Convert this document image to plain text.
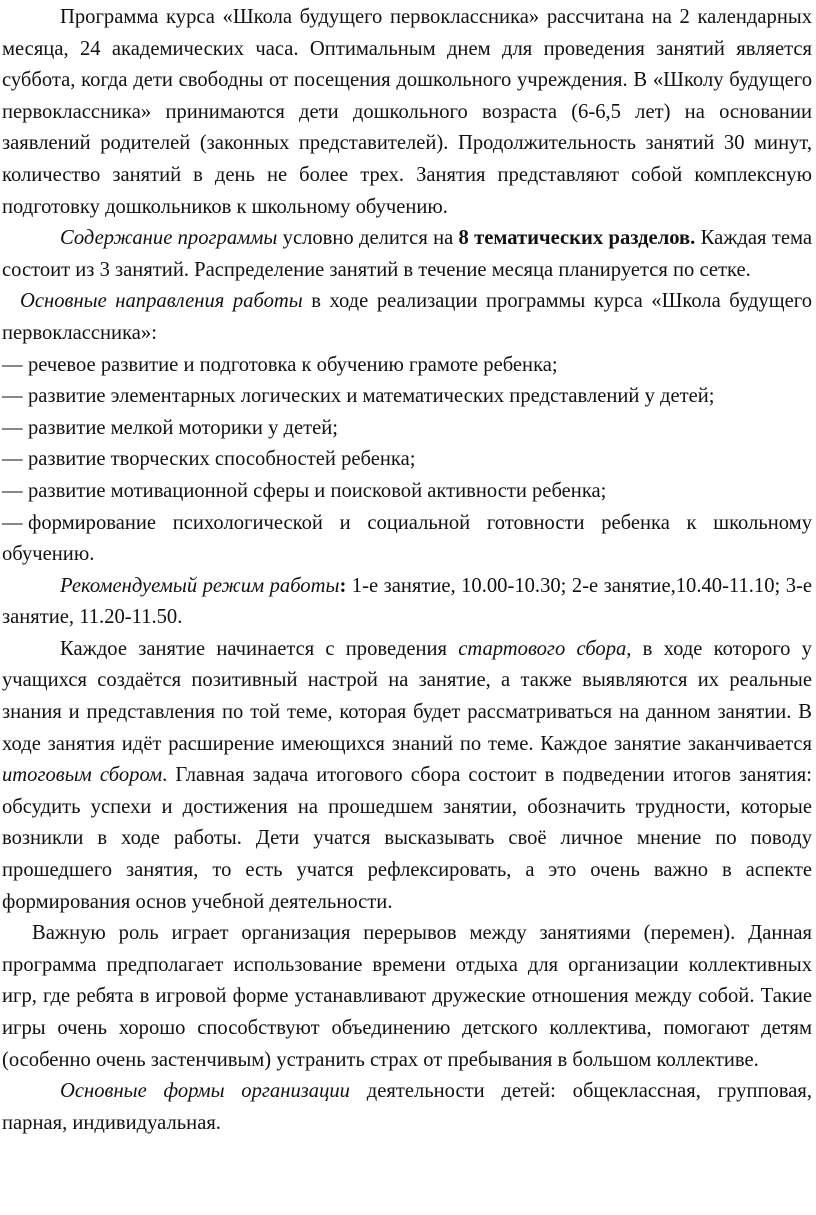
Программа курса «Школа будущего первоклассника» рассчитана на 2 календарных месяца, 24 академических часа. Оптимальным днем для проведения занятий является суббота, когда дети свободны от посещения дошкольного учреждения. В «Школу будущего первоклассника» принимаются дети дошкольного возраста (6-6,5 лет) на основании заявлений родителей (законных представителей). Продолжительность занятий 30 минут, количество занятий в день не более трех. Занятия представляют собой комплексную подготовку дошкольников к школьному обучению.

Содержание программы условно делится на 8 тематических разделов. Каждая тема состоит из 3 занятий. Распределение занятий в течение месяца планируется по сетке.

Основные направления работы в ходе реализации программы курса «Школа будущего первоклассника»:

— речевое развитие и подготовка к обучению грамоте ребенка;
— развитие элементарных логических и математических представлений у детей;
— развитие мелкой моторики у детей;
— развитие творческих способностей ребенка;
— развитие мотивационной сферы и поисковой активности ребенка;
— формирование психологической и социальной готовности ребенка к школьному обучению.

Рекомендуемый режим работы: 1-е занятие, 10.00-10.30; 2-е занятие,10.40-11.10; 3-е занятие, 11.20-11.50.

Каждое занятие начинается с проведения стартового сбора, в ходе которого у учащихся создаётся позитивный настрой на занятие, а также выявляются их реальные знания и представления по той теме, которая будет рассматриваться на данном занятии. В ходе занятия идёт расширение имеющихся знаний по теме. Каждое занятие заканчивается итоговым сбором. Главная задача итогового сбора состоит в подведении итогов занятия: обсудить успехи и достижения на прошедшем занятии, обозначить трудности, которые возникли в ходе работы. Дети учатся высказывать своё личное мнение по поводу прошедшего занятия, то есть учатся рефлексировать, а это очень важно в аспекте формирования основ учебной деятельности.

Важную роль играет организация перерывов между занятиями (перемен). Данная программа предполагает использование времени отдыха для организации коллективных игр, где ребята в игровой форме устанавливают дружеские отношения между собой. Такие игры очень хорошо способствуют объединению детского коллектива, помогают детям (особенно очень застенчивым) устранить страх от пребывания в большом коллективе.

Основные формы организации деятельности детей: общеклассная, групповая, парная, индивидуальная.
